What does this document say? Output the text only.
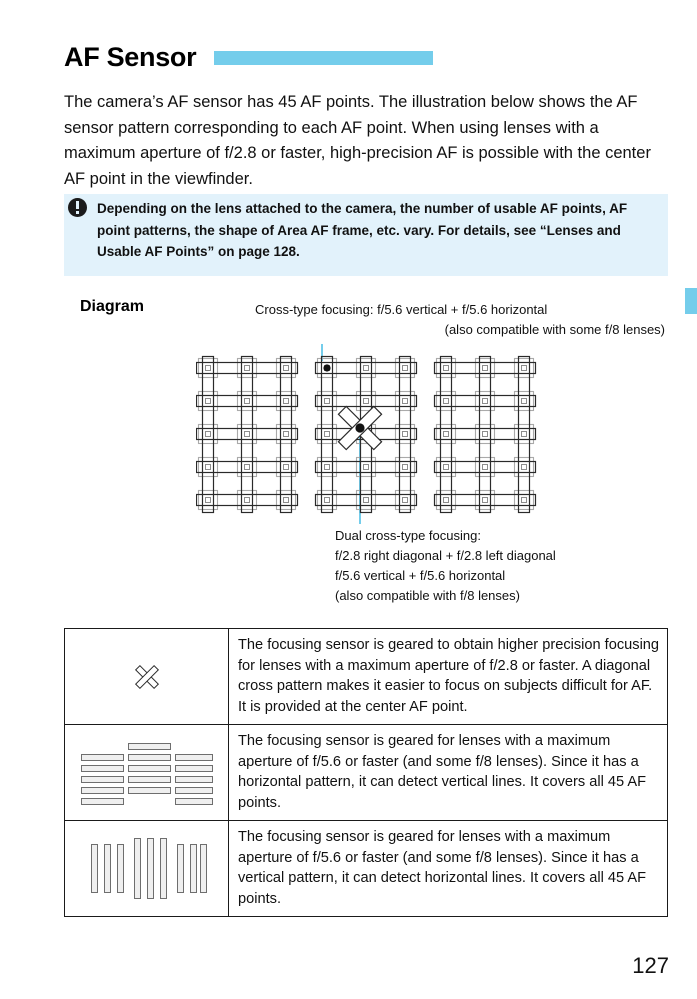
AF Sensor
The camera’s AF sensor has 45 AF points. The illustration below shows the AF sensor pattern corresponding to each AF point. When using lenses with a maximum aperture of f/2.8 or faster, high-precision AF is possible with the center AF point in the viewfinder.
Depending on the lens attached to the camera, the number of usable AF points, AF point patterns, the shape of Area AF frame, etc. vary. For details, see “Lenses and Usable AF Points” on page 128.
Diagram	Cross-type focusing: f/5.6 vertical + f/5.6 horizontal
(also compatible with some f/8 lenses)
Dual cross-type focusing:
f/2.8 right diagonal + f/2.8 left diagonal
f/5.6 vertical + f/5.6 horizontal
(also compatible with f/8 lenses)
	The focusing sensor is geared to obtain higher precision focusing for lenses with a maximum aperture of f/2.8 or faster. A diagonal cross pattern makes it easier to focus on subjects difficult for AF. It is provided at the center AF point.

	The focusing sensor is geared for lenses with a maximum aperture of f/5.6 or faster (and some f/8 lenses). Since it has a horizontal pattern, it can detect vertical lines. It covers all 45 AF points.

	The focusing sensor is geared for lenses with a maximum aperture of f/5.6 or faster (and some f/8 lenses). Since it has a vertical pattern, it can detect horizontal lines. It covers all 45 AF points.
127
